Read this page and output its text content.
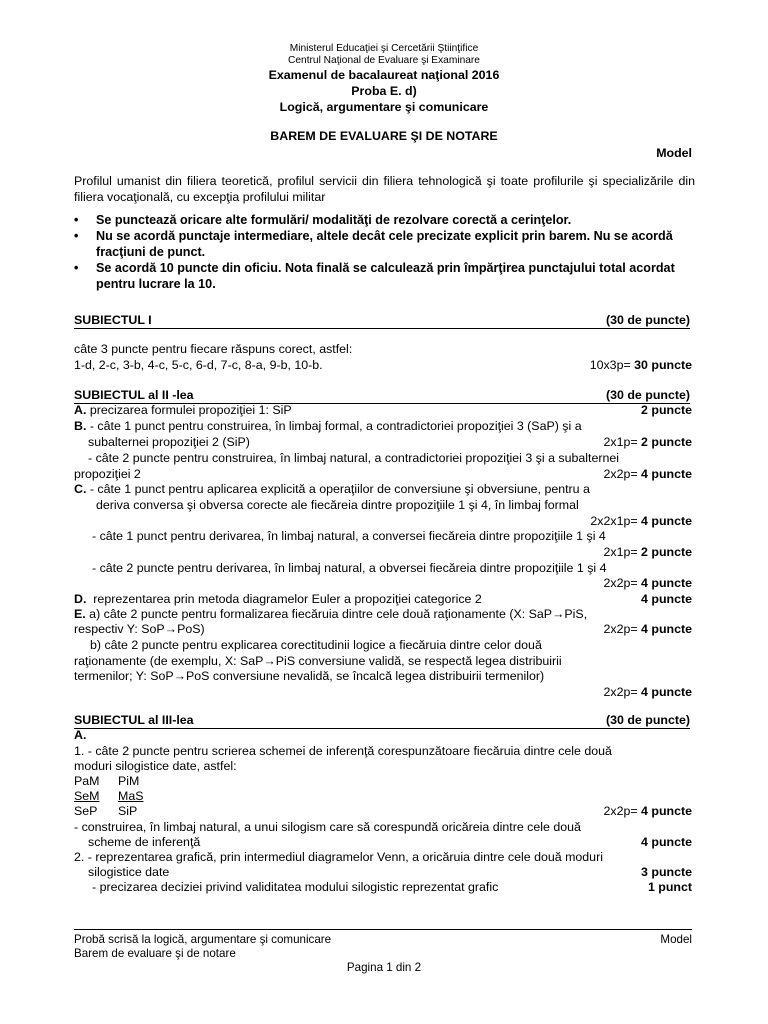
Ministerul Educaţiei şi Cercetării Ştiinţifice
Centrul Naţional de Evaluare şi Examinare
Examenul de bacalaureat naţional 2016
Proba E. d)
Logică, argumentare şi comunicare
BAREM DE EVALUARE ŞI DE NOTARE
Model
Profilul umanist din filiera teoretică, profilul servicii din filiera tehnologică şi toate profilurile şi specializările din filiera vocaţională, cu excepţia profilului militar
• Se punctează oricare alte formulări/ modalităţi de rezolvare corectă a cerinţelor.
• Nu se acordă punctaje intermediare, altele decât cele precizate explicit prin barem. Nu se acordă fracţiuni de punct.
• Se acordă 10 puncte din oficiu. Nota finală se calculează prin împărţirea punctajului total acordat pentru lucrare la 10.
SUBIECTUL I	(30 de puncte)
câte 3 puncte pentru fiecare răspuns corect, astfel:
1-d, 2-c, 3-b, 4-c, 5-c, 6-d, 7-c, 8-a, 9-b, 10-b.	10x3p= 30 puncte
SUBIECTUL al II -lea	(30 de puncte)
A. precizarea formulei propoziţiei 1: SiP	2 puncte
B. - câte 1 punct pentru construirea, în limbaj formal, a contradictoriei propoziţiei 3 (SaP) şi a
subalternei propoziţiei 2 (SiP)	2x1p= 2 puncte
- câte 2 puncte pentru construirea, în limbaj natural, a contradictoriei propoziţiei 3 şi a subalternei
propoziţiei 2	2x2p= 4 puncte
C. - câte 1 punct pentru aplicarea explicită a operaţiilor de conversiune şi obversiune, pentru a
deriva conversa şi obversa corecte ale fiecăreia dintre propoziţiile 1 şi 4, în limbaj formal
2x2x1p= 4 puncte
- câte 1 punct pentru derivarea, în limbaj natural, a conversei fiecăreia dintre propoziţiile 1 şi 4
2x1p= 2 puncte
- câte 2 puncte pentru derivarea, în limbaj natural, a obversei fiecăreia dintre propoziţiile 1 şi 4
2x2p= 4 puncte
D. reprezentarea prin metoda diagramelor Euler a propoziţiei categorice 2	4 puncte
E. a) câte 2 puncte pentru formalizarea fiecăruia dintre cele două raţionamente (X: SaP→PiS,
respectiv Y: SoP→PoS)	2x2p= 4 puncte
b) câte 2 puncte pentru explicarea corectitudinii logice a fiecăruia dintre celor două
raţionamente (de exemplu, X: SaP→PiS conversiune validă, se respectă legea distribuirii
termenilor; Y: SoP→PoS conversiune nevalidă, se încalcă legea distribuirii termenilor)
2x2p= 4 puncte
SUBIECTUL al III-lea	(30 de puncte)
A.
1. - câte 2 puncte pentru scrierea schemei de inferenţă corespunzătoare fiecăruia dintre cele două
moduri silogistice date, astfel:
PaM PiM
SeM MaS
SeP SiP	2x2p= 4 puncte
- construirea, în limbaj natural, a unui silogism care să corespundă oricăreia dintre cele două
scheme de inferenţă	4 puncte
2. - reprezentarea grafică, prin intermediul diagramelor Venn, a oricăruia dintre cele două moduri
silogistice date	3 puncte
- precizarea deciziei privind validitatea modului silogistic reprezentat grafic	1 punct
Probă scrisă la logică, argumentare şi comunicare	Model
Barem de evaluare şi de notare
Pagina 1 din 2
